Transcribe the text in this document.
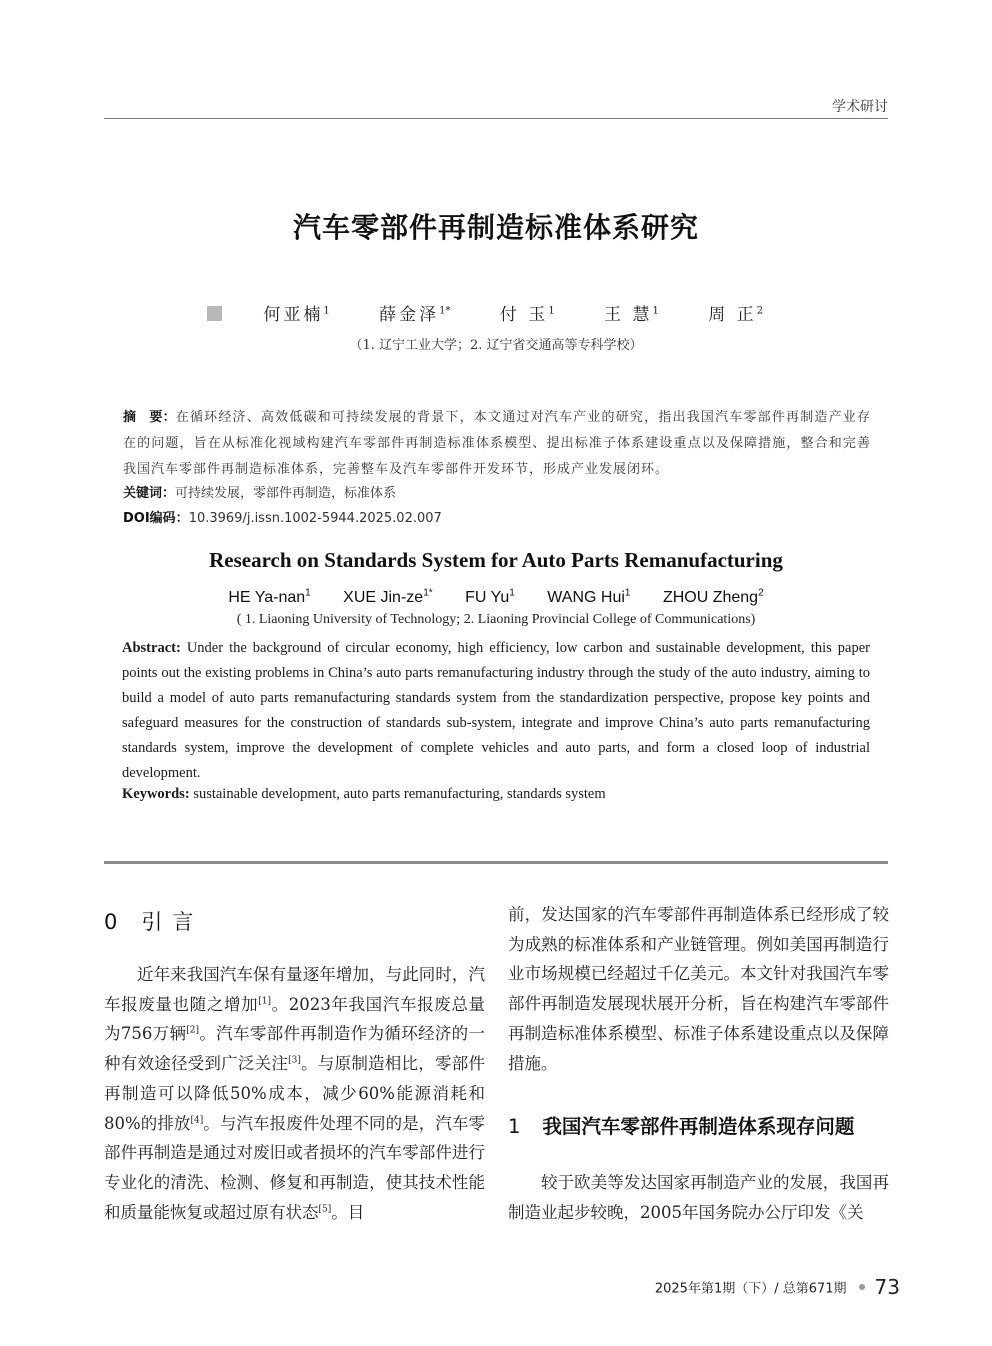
学术研讨
汽车零部件再制造标准体系研究
何亚楠$^1$	薛金泽$^{1*}$	付 玉$^1$	王 慧$^1$	周 正$^2$
（1. 辽宁工业大学；2. 辽宁省交通高等专科学校）
摘　要：在循环经济、高效低碳和可持续发展的背景下，本文通过对汽车产业的研究，指出我国汽车零部件再制造产业存在的问题，旨在从标准化视域构建汽车零部件再制造标准体系模型、提出标准子体系建设重点以及保障措施，整合和完善我国汽车零部件再制造标准体系，完善整车及汽车零部件开发环节，形成产业发展闭环。
关键词：可持续发展，零部件再制造，标准体系
DOI编码：10.3969/j.issn.1002-5944.2025.02.007
Research on Standards System for Auto Parts Remanufacturing
HE Ya-nan$^1$ XUE Jin-$ze^{1*}$ FU Yu$^1$ WANG Hui$^1$ ZHOU Zheng$^2$
( 1. Liaoning University of Technology; 2. Liaoning Provincial College of Communications)
Abstract: Under the background of circular economy, high efficiency, low carbon and sustainable development, this paper points out the existing problems in China’s auto parts remanufacturing industry through the study of the auto industry, aiming to build a model of auto parts remanufacturing standards system from the standardization perspective, propose key points and safeguard measures for the construction of standards sub-system, integrate and improve China’s auto parts remanufacturing standards system, improve the development of complete vehicles and auto parts, and form a closed loop of industrial development.
Keywords: sustainable development, auto parts remanufacturing, standards system
0 引言

近年来我国汽车保有量逐年增加，与此同时，汽车报废量也随之增加[1]。2023年我国汽车报废总量为756万辆[2]。汽车零部件再制造作为循环经济的一种有效途径受到广泛关注[3]。与原制造相比，零部件再制造可以降低50%成本，减少60%能源消耗和80%的排放[4]。与汽车报废件处理不同的是，汽车零部件再制造是通过对废旧或者损坏的汽车零部件进行专业化的清洗、检测、修复和再制造，使其技术性能和质量能恢复或超过原有状态[5]。目

前，发达国家的汽车零部件再制造体系已经形成了较为成熟的标准体系和产业链管理。例如美国再制造行业市场规模已经超过千亿美元。本文针对我国汽车零部件再制造发展现状展开分析，旨在构建汽车零部件再制造标准体系模型、标准子体系建设重点以及保障措施。

1 我国汽车零部件再制造体系现存问题

较于欧美等发达国家再制造产业的发展，我国再制造业起步较晚，2005年国务院办公厅印发《关

2025年第1期（下）/ 总第671期 73
